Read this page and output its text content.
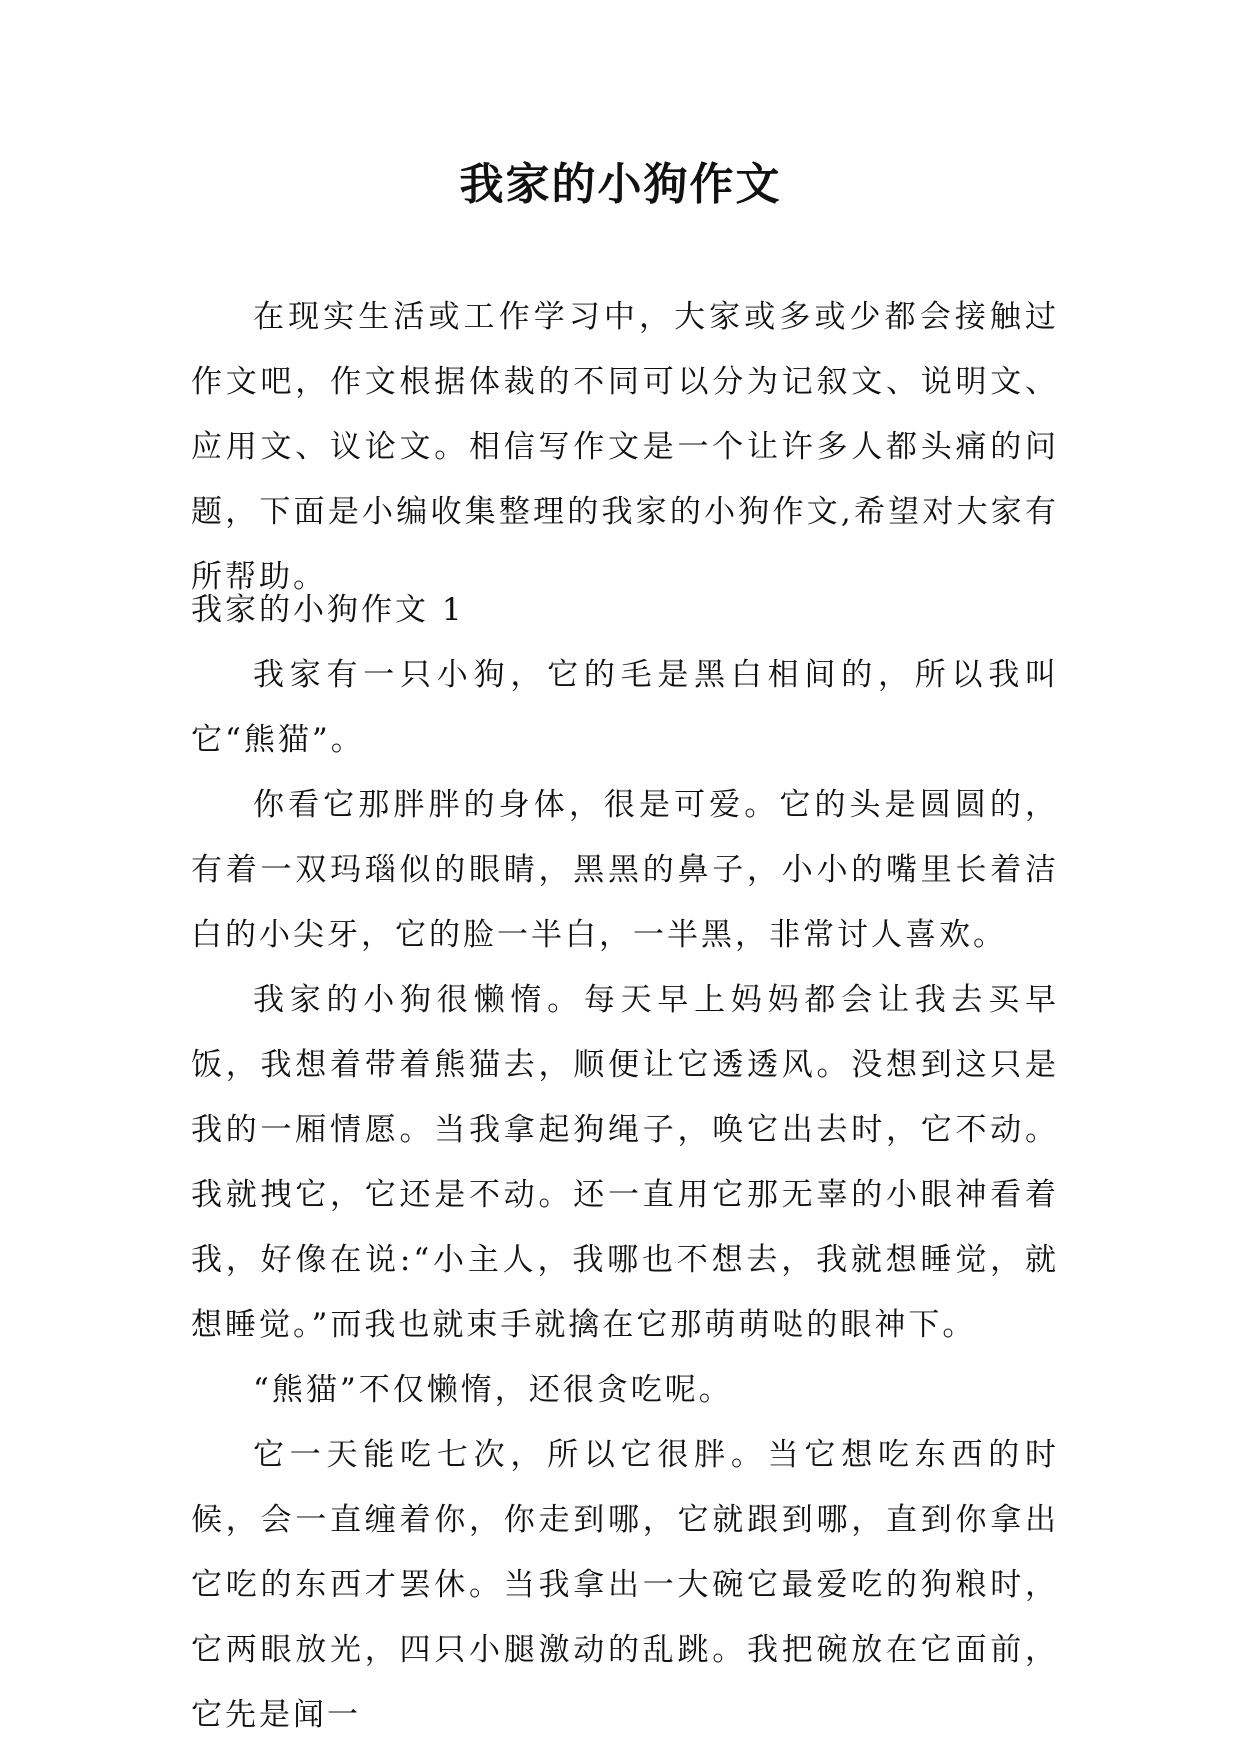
我家的小狗作文

在现实生活或工作学习中，大家或多或少都会接触过作文吧，作文根据体裁的不同可以分为记叙文、说明文、应用文、议论文。相信写作文是一个让许多人都头痛的问题，下面是小编收集整理的我家的小狗作文,希望对大家有所帮助。

我家的小狗作文 1

我家有一只小狗，它的毛是黑白相间的，所以我叫它“熊猫”。

你看它那胖胖的身体，很是可爱。它的头是圆圆的，有着一双玛瑙似的眼睛，黑黑的鼻子，小小的嘴里长着洁白的小尖牙，它的脸一半白，一半黑，非常讨人喜欢。

我家的小狗很懒惰。每天早上妈妈都会让我去买早饭，我想着带着熊猫去，顺便让它透透风。没想到这只是我的一厢情愿。当我拿起狗绳子，唤它出去时，它不动。我就拽它，它还是不动。还一直用它那无辜的小眼神看着我，好像在说:“小主人，我哪也不想去，我就想睡觉，就想睡觉。”而我也就束手就擒在它那萌萌哒的眼神下。

“熊猫”不仅懒惰，还很贪吃呢。

它一天能吃七次，所以它很胖。当它想吃东西的时候，会一直缠着你，你走到哪，它就跟到哪，直到你拿出它吃的东西才罢休。当我拿出一大碗它最爱吃的狗粮时，它两眼放光，四只小腿激动的乱跳。我把碗放在它面前，它先是闻一
